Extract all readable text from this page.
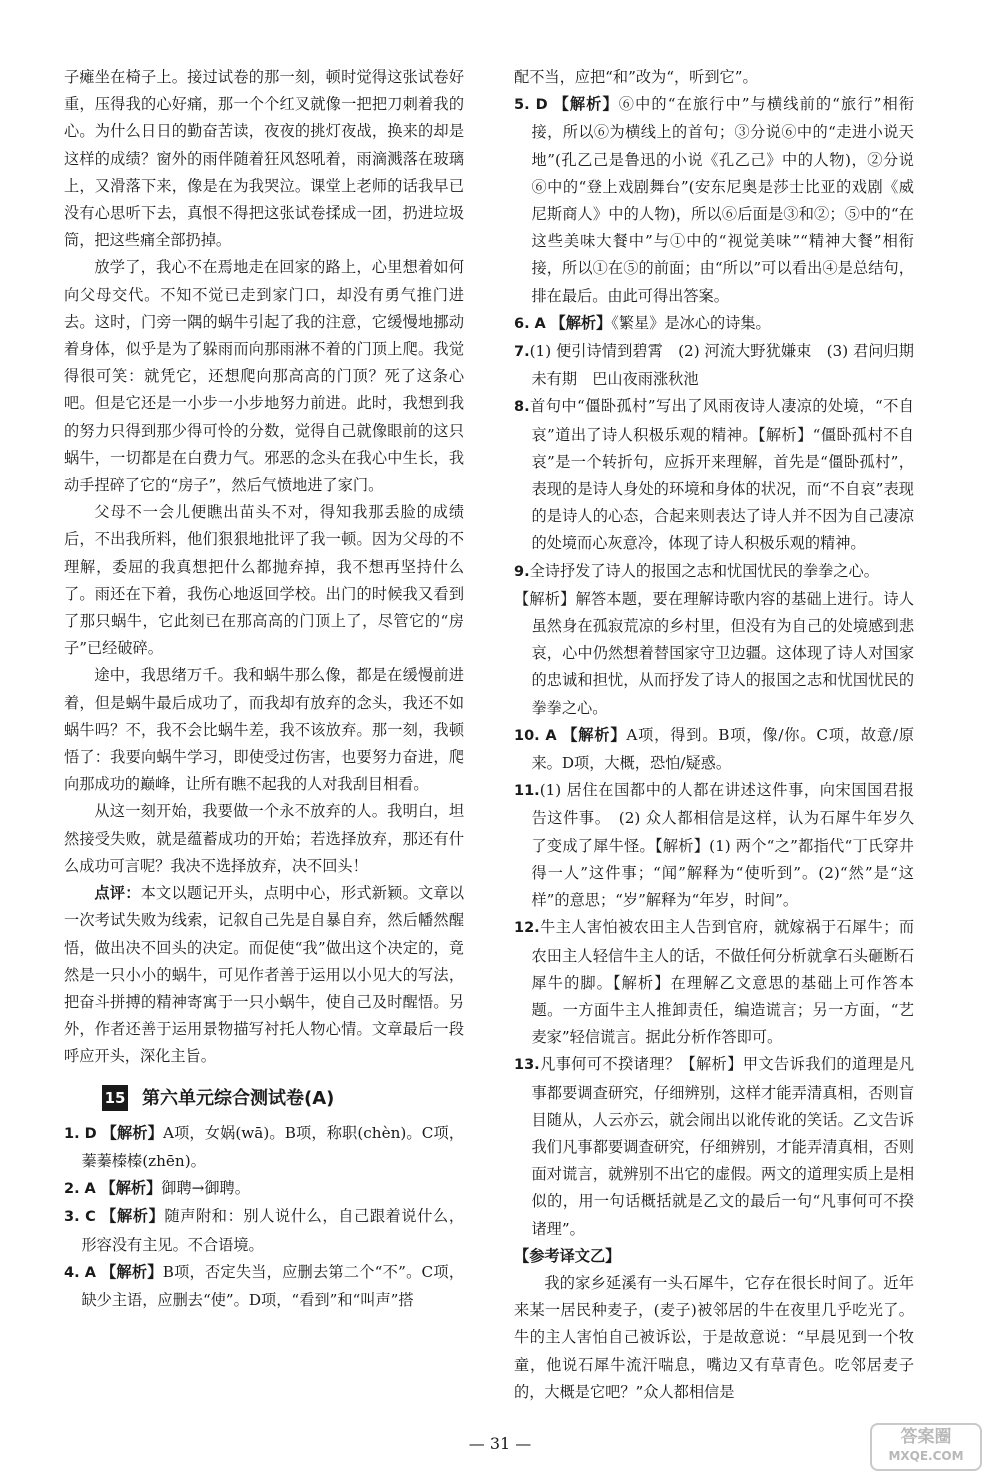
子瘫坐在椅子上。接过试卷的那一刻，顿时觉得这张试卷好重，压得我的心好痛，那一个个红叉就像一把把刀刺着我的心。为什么日日的勤奋苦读，夜夜的挑灯夜战，换来的却是这样的成绩？窗外的雨伴随着狂风怒吼着，雨滴溅落在玻璃上，又滑落下来，像是在为我哭泣。课堂上老师的话我早已没有心思听下去，真恨不得把这张试卷揉成一团，扔进垃圾筒，把这些痛全部扔掉。

放学了，我心不在焉地走在回家的路上，心里想着如何向父母交代。不知不觉已走到家门口，却没有勇气推门进去。这时，门旁一隅的蜗牛引起了我的注意，它缓慢地挪动着身体，似乎是为了躲雨而向那雨淋不着的门顶上爬。我觉得很可笑：就凭它，还想爬向那高高的门顶？死了这条心吧。但是它还是一小步一小步地努力前进。此时，我想到我的努力只得到那少得可怜的分数，觉得自己就像眼前的这只蜗牛，一切都是在白费力气。邪恶的念头在我心中生长，我动手捏碎了它的“房子”，然后气愤地进了家门。

父母不一会儿便瞧出苗头不对，得知我那丢脸的成绩后，不出我所料，他们狠狠地批评了我一顿。因为父母的不理解，委屈的我真想把什么都抛弃掉，我不想再坚持什么了。雨还在下着，我伤心地返回学校。出门的时候我又看到了那只蜗牛，它此刻已在那高高的门顶上了，尽管它的“房子”已经破碎。

途中，我思绪万千。我和蜗牛那么像，都是在缓慢前进着，但是蜗牛最后成功了，而我却有放弃的念头，我还不如蜗牛吗？不，我不会比蜗牛差，我不该放弃。那一刻，我顿悟了：我要向蜗牛学习，即使受过伤害，也要努力奋进，爬向那成功的巅峰，让所有瞧不起我的人对我刮目相看。

从这一刻开始，我要做一个永不放弃的人。我明白，坦然接受失败，就是蕴蓄成功的开始；若选择放弃，那还有什么成功可言呢？我决不选择放弃，决不回头！

点评：本文以题记开头，点明中心，形式新颖。文章以一次考试失败为线索，记叙自己先是自暴自弃，然后幡然醒悟，做出决不回头的决定。而促使“我”做出这个决定的，竟然是一只小小的蜗牛，可见作者善于运用以小见大的写法，把奋斗拼搏的精神寄寓于一只小蜗牛，使自己及时醒悟。另外，作者还善于运用景物描写衬托人物心情。文章最后一段呼应开头，深化主旨。

15 第六单元综合测试卷(A)

1. D 【解析】A项，女娲(wā)。B项，称职(chèn)。C项，蓁蓁榛榛(zhēn)。

2. A 【解析】御聘→御聘。

3. C 【解析】随声附和：别人说什么，自己跟着说什么，形容没有主见。不合语境。

4. A 【解析】B项，否定失当，应删去第二个“不”。C项，缺少主语，应删去“使”。D项，“看到”和“叫声”搭

配不当，应把“和”改为“，听到它”。

5. D 【解析】⑥中的“在旅行中”与横线前的“旅行”相衔接，所以⑥为横线上的首句；③分说⑥中的“走进小说天地”(孔乙己是鲁迅的小说《孔乙己》中的人物)，②分说⑥中的“登上戏剧舞台”(安东尼奥是莎士比亚的戏剧《威尼斯商人》中的人物)，所以⑥后面是③和②；⑤中的“在这些美味大餐中”与①中的“视觉美味”“精神大餐”相衔接，所以①在⑤的前面；由“所以”可以看出④是总结句，排在最后。由此可得出答案。

6. A 【解析】《繁星》是冰心的诗集。

7.(1) 便引诗情到碧霄　(2) 河流大野犹嫌束　(3) 君问归期未有期　巴山夜雨涨秋池

8.首句中“僵卧孤村”写出了风雨夜诗人凄凉的处境，“不自哀”道出了诗人积极乐观的精神。【解析】“僵卧孤村不自哀”是一个转折句，应拆开来理解，首先是“僵卧孤村”，表现的是诗人身处的环境和身体的状况，而“不自哀”表现的是诗人的心态，合起来则表达了诗人并不因为自己凄凉的处境而心灰意冷，体现了诗人积极乐观的精神。

9.全诗抒发了诗人的报国之志和忧国忧民的拳拳之心。

【解析】解答本题，要在理解诗歌内容的基础上进行。诗人虽然身在孤寂荒凉的乡村里，但没有为自己的处境感到悲哀，心中仍然想着替国家守卫边疆。这体现了诗人对国家的忠诚和担忧，从而抒发了诗人的报国之志和忧国忧民的拳拳之心。

10. A 【解析】A项，得到。B项，像/你。C项，故意/原来。D项，大概，恐怕/疑惑。

11.(1) 居住在国都中的人都在讲述这件事，向宋国国君报告这件事。　(2) 众人都相信是这样，认为石犀牛年岁久了变成了犀牛怪。【解析】(1) 两个“之”都指代“丁氏穿井得一人”这件事；“闻”解释为“使听到”。(2)“然”是“这样”的意思；“岁”解释为“年岁，时间”。

12.牛主人害怕被农田主人告到官府，就嫁祸于石犀牛；而农田主人轻信牛主人的话，不做任何分析就拿石头砸断石犀牛的脚。【解析】在理解乙文意思的基础上可作答本题。一方面牛主人推卸责任，编造谎言；另一方面，“艺麦家”轻信谎言。据此分析作答即可。

13.凡事何可不揆诸理？【解析】甲文告诉我们的道理是凡事都要调查研究，仔细辨别，这样才能弄清真相，否则盲目随从，人云亦云，就会闹出以讹传讹的笑话。乙文告诉我们凡事都要调查研究，仔细辨别，才能弄清真相，否则面对谎言，就辨别不出它的虚假。两文的道理实质上是相似的，用一句话概括就是乙文的最后一句“凡事何可不揆诸理”。

【参考译文乙】

我的家乡延溪有一头石犀牛，它存在很长时间了。近年来某一居民种麦子，(麦子)被邻居的牛在夜里几乎吃光了。牛的主人害怕自己被诉讼，于是故意说：“早晨见到一个牧童，他说石犀牛流汗喘息，嘴边又有草青色。吃邻居麦子的，大概是它吧？”众人都相信是

— 31 —	答案圈
MXQE.COM
